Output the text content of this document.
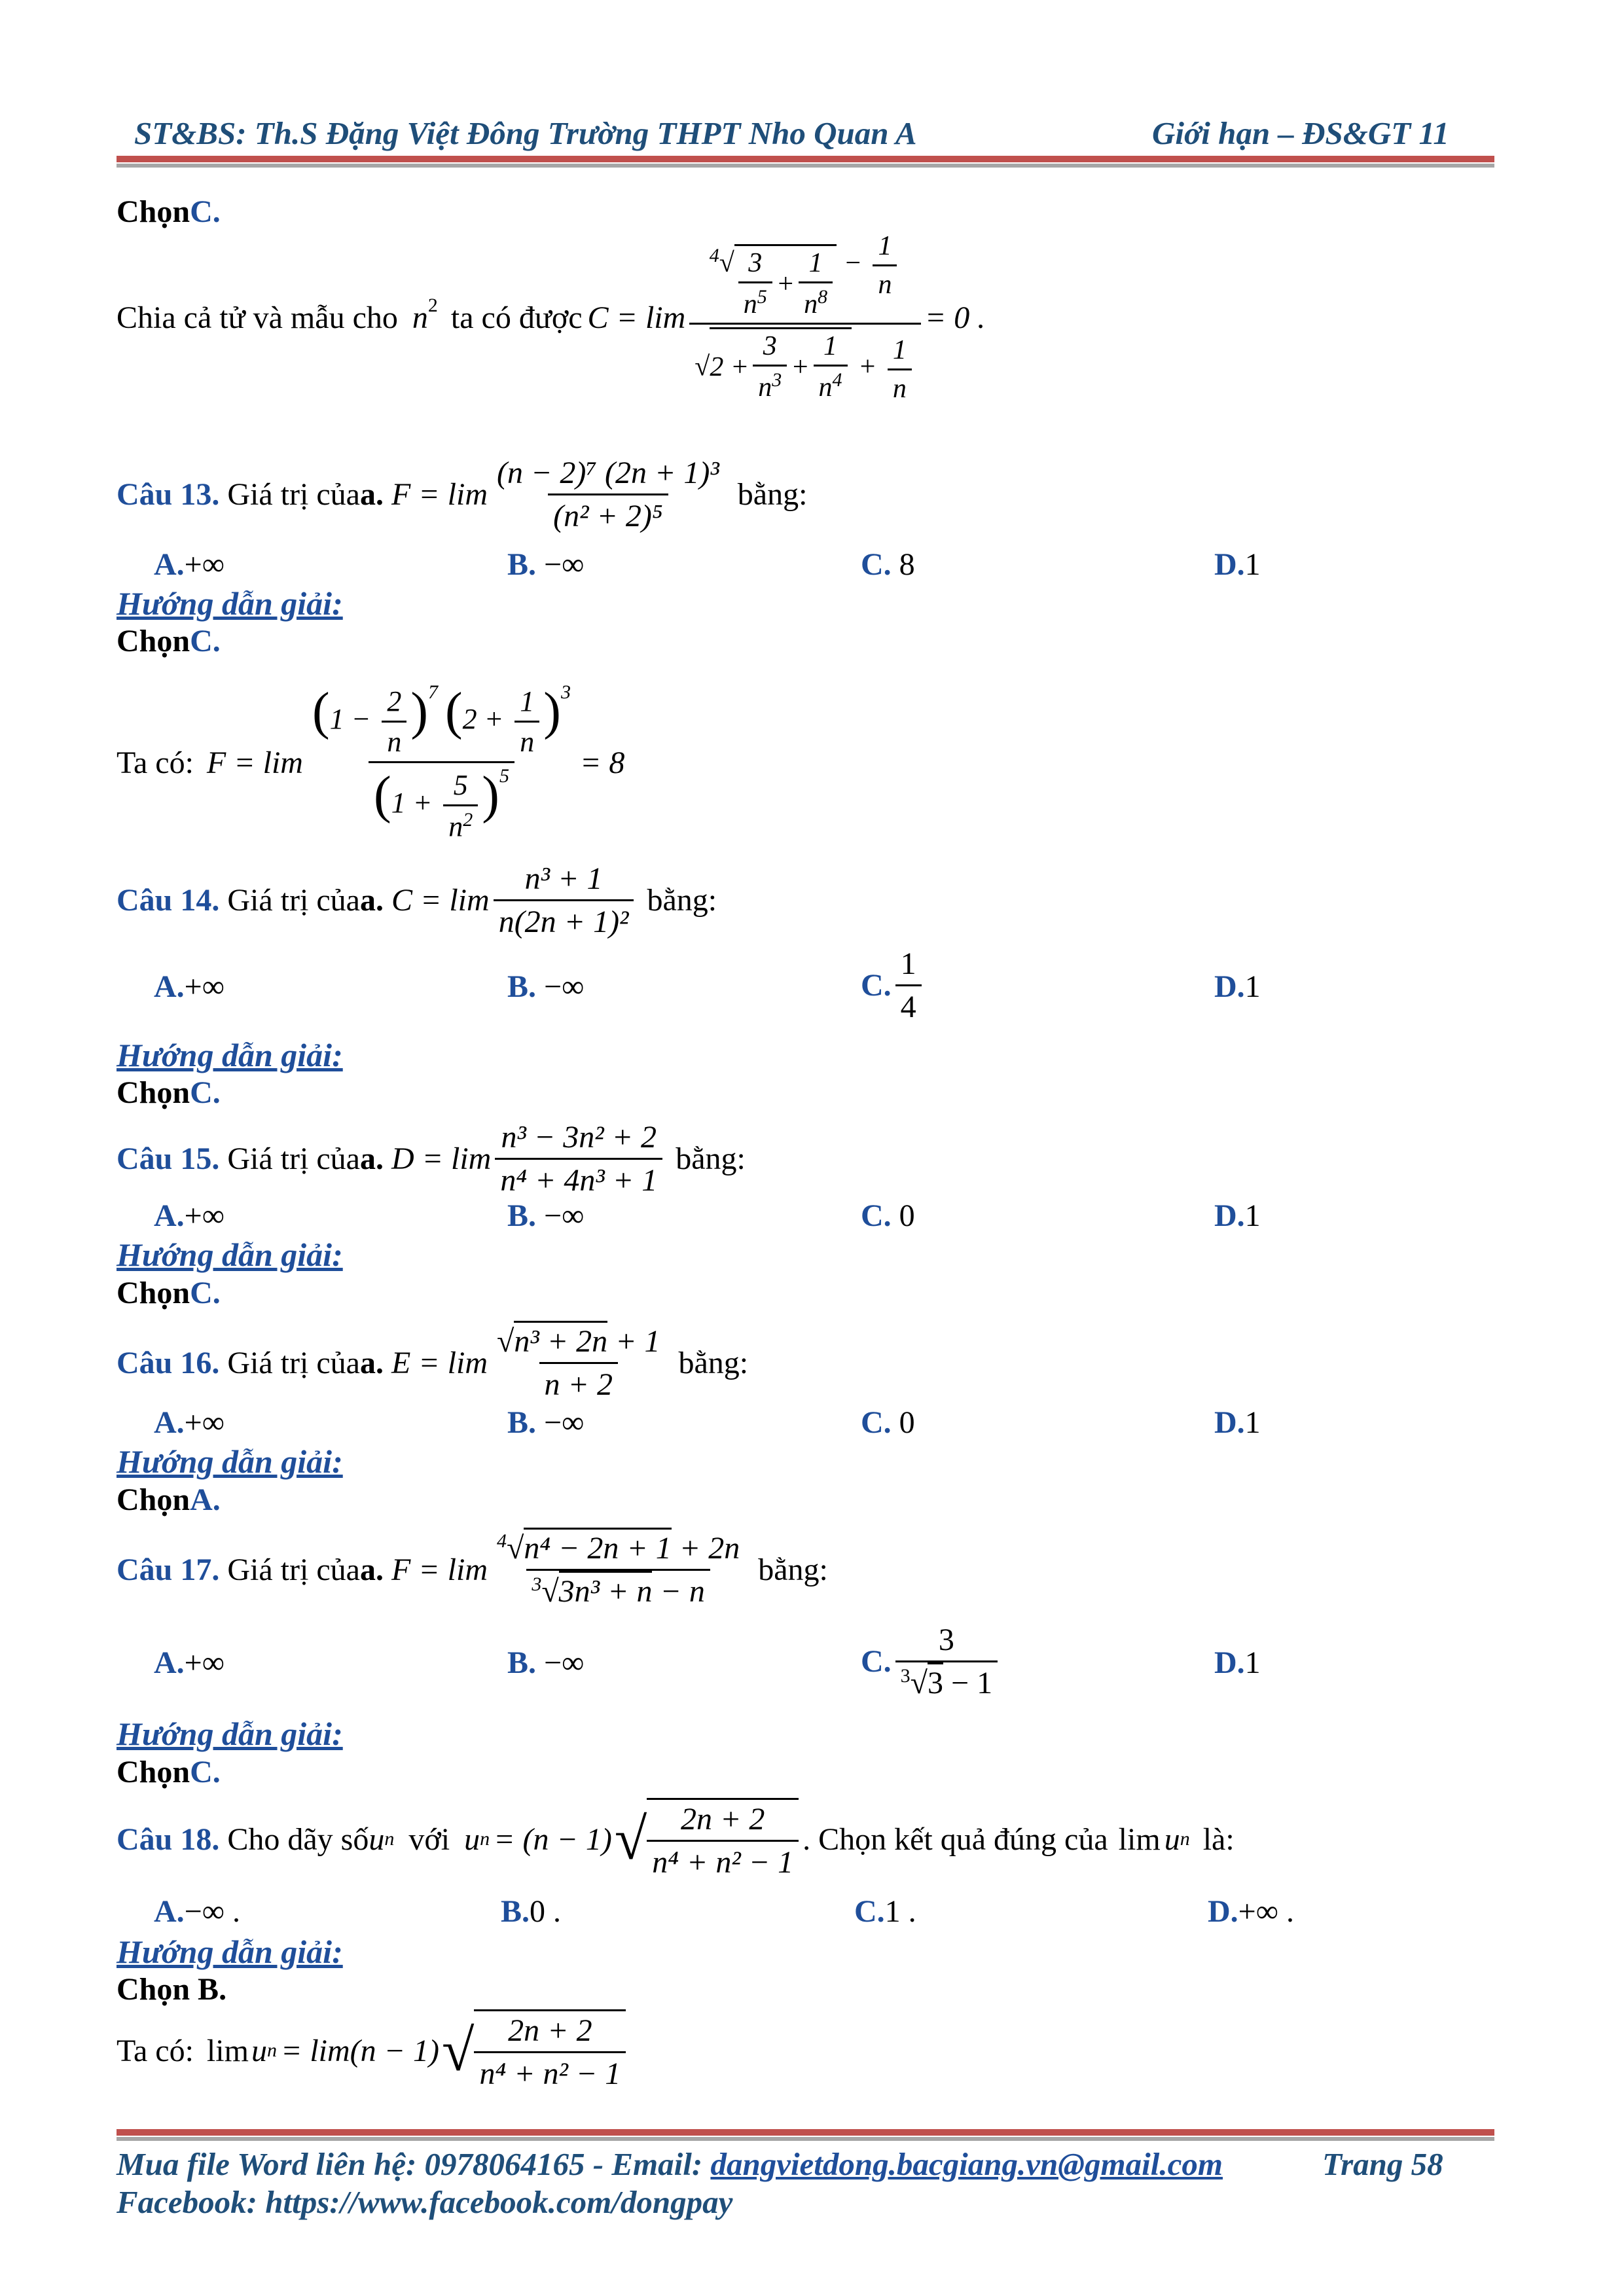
ST&BS: Th.S Đặng Việt Đông Trường THPT Nho Quan A	Giới hạn – ĐS&GT 11
ChọnC.
Chia cả tử và mẫu cho $n^2$ ta có được $C = \lim \frac{^4√ \frac{3}{n^5} + \frac{1}{n^8} - \frac{1}{n}}{√2 + \frac{3}{n^3} + \frac{1}{n^4} + \frac{1}{n}} = 0$ .
Câu 13. Giá trị của a. $F = \lim \frac{\text{(n − 2)⁷ (2n + 1)³}}{\text{(n² + 2)⁵}}$ bằng:
A.+∞	B. −∞	C. 8	D.1
Hướng dẫn giải:
ChọnC.
Ta có: $F = \lim \frac{(1 - \frac{2}{n} )^7 (2 + \frac{1}{n} )^3}{(1 + \frac{5}{n^2} )^5} = 8$
Câu 14. Giá trị của a. $C = \lim \frac{\text{n³ + 1}}{\text{n(2n + 1)²}}$ bằng:
A.+∞	B. −∞	C. $\frac{1}{4}$	D.1
Hướng dẫn giải:
ChọnC.
Câu 15. Giá trị của a. $D = \lim \frac{\text{n³ − 3n² + 2}}{\text{n⁴ + 4n³ + 1}}$ bằng:
A.+∞	B. −∞	C. 0	D.1
Hướng dẫn giải:
ChọnC.
Câu 16. Giá trị của a. $E = \lim \frac{\text{√n³ + 2n + 1}}{n + 2}$ bằng:
A.+∞	B. −∞	C. 0	D.1
Hướng dẫn giải:
ChọnA.
Câu 17. Giá trị của a. $F = \lim \frac{^4√n^4 - 2n + 1 + 2n}{^3√3n^3 + n - n}$ bằng:
A.+∞	B. −∞	C. $\frac{3}{^3√3 - 1}$	D.1
Hướng dẫn giải:
ChọnC.
Câu 18. Cho dãy số u n với u n = (n − 1) √ $\frac{2n + 2}{\text{n⁴ + n² − 1}}$ . Chọn kết quả đúng của lim u n là:
A.−∞ .	B.0 .	C.1 .	D.+∞ .
Hướng dẫn giải:
Chọn B.
Ta có: lim u n = lim(n − 1) √ $\frac{2n + 2}{\text{n⁴ + n² − 1}}$
Mua file Word liên hệ: 0978064165 - Email: dangvietdong.bacgiang.vn@gmail.com	Trang 58
Facebook: https://www.facebook.com/dongpay
